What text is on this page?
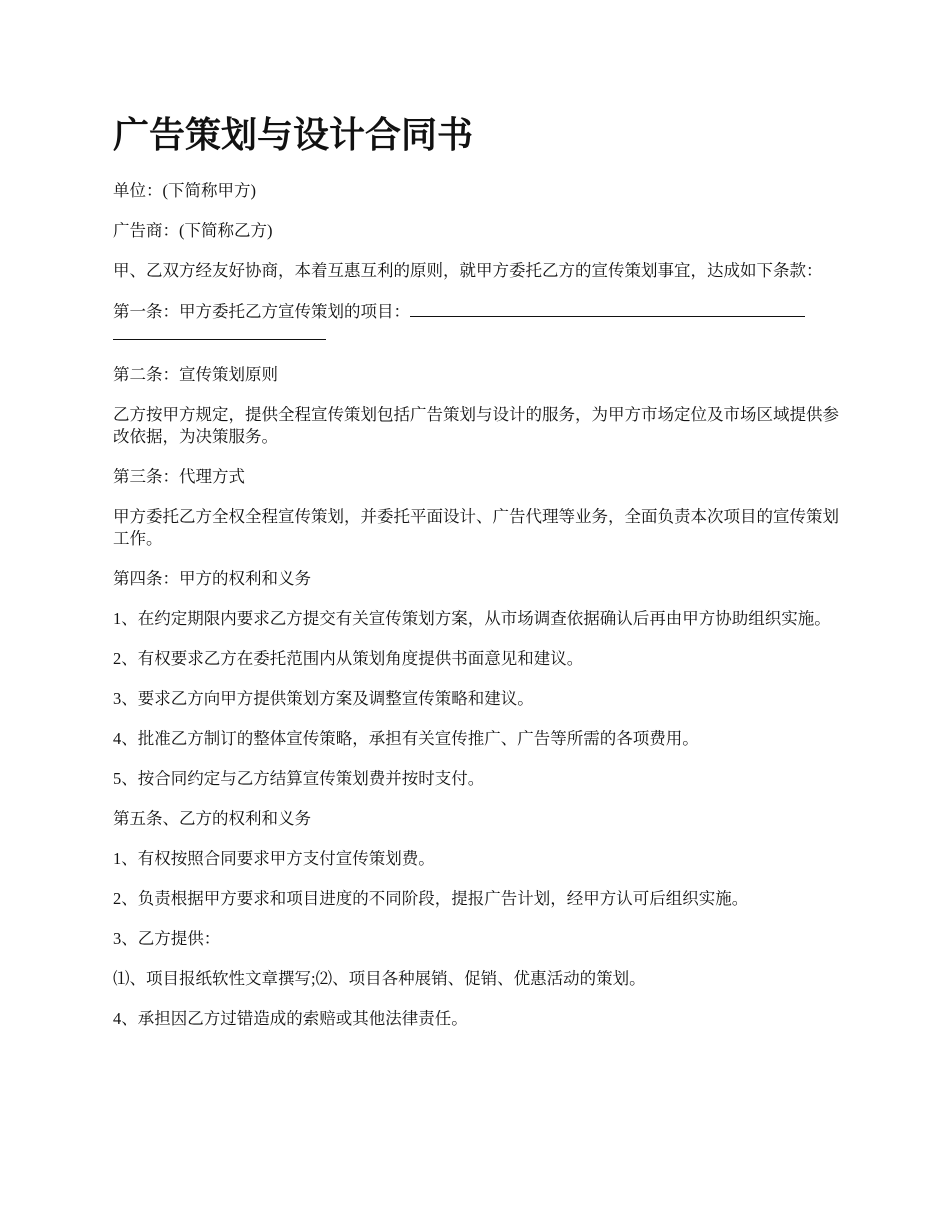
广告策划与设计合同书

单位：(下简称甲方)

广告商：(下简称乙方)

甲、乙双方经友好协商，本着互惠互利的原则，就甲方委托乙方的宣传策划事宜，达成如下条款：

第一条：甲方委托乙方宣传策划的项目：

第二条：宣传策划原则

乙方按甲方规定，提供全程宣传策划包括广告策划与设计的服务，为甲方市场定位及市场区域提供参改依据，为决策服务。

第三条：代理方式

甲方委托乙方全权全程宣传策划，并委托平面设计、广告代理等业务，全面负责本次项目的宣传策划工作。

第四条：甲方的权利和义务

1、在约定期限内要求乙方提交有关宣传策划方案，从市场调查依据确认后再由甲方协助组织实施。

2、有权要求乙方在委托范围内从策划角度提供书面意见和建议。

3、要求乙方向甲方提供策划方案及调整宣传策略和建议。

4、批准乙方制订的整体宣传策略，承担有关宣传推广、广告等所需的各项费用。

5、按合同约定与乙方结算宣传策划费并按时支付。

第五条、乙方的权利和义务

1、有权按照合同要求甲方支付宣传策划费。

2、负责根据甲方要求和项目进度的不同阶段，提报广告计划，经甲方认可后组织实施。

3、乙方提供：

⑴、项目报纸软性文章撰写;⑵、项目各种展销、促销、优惠活动的策划。

4、承担因乙方过错造成的索赔或其他法律责任。
